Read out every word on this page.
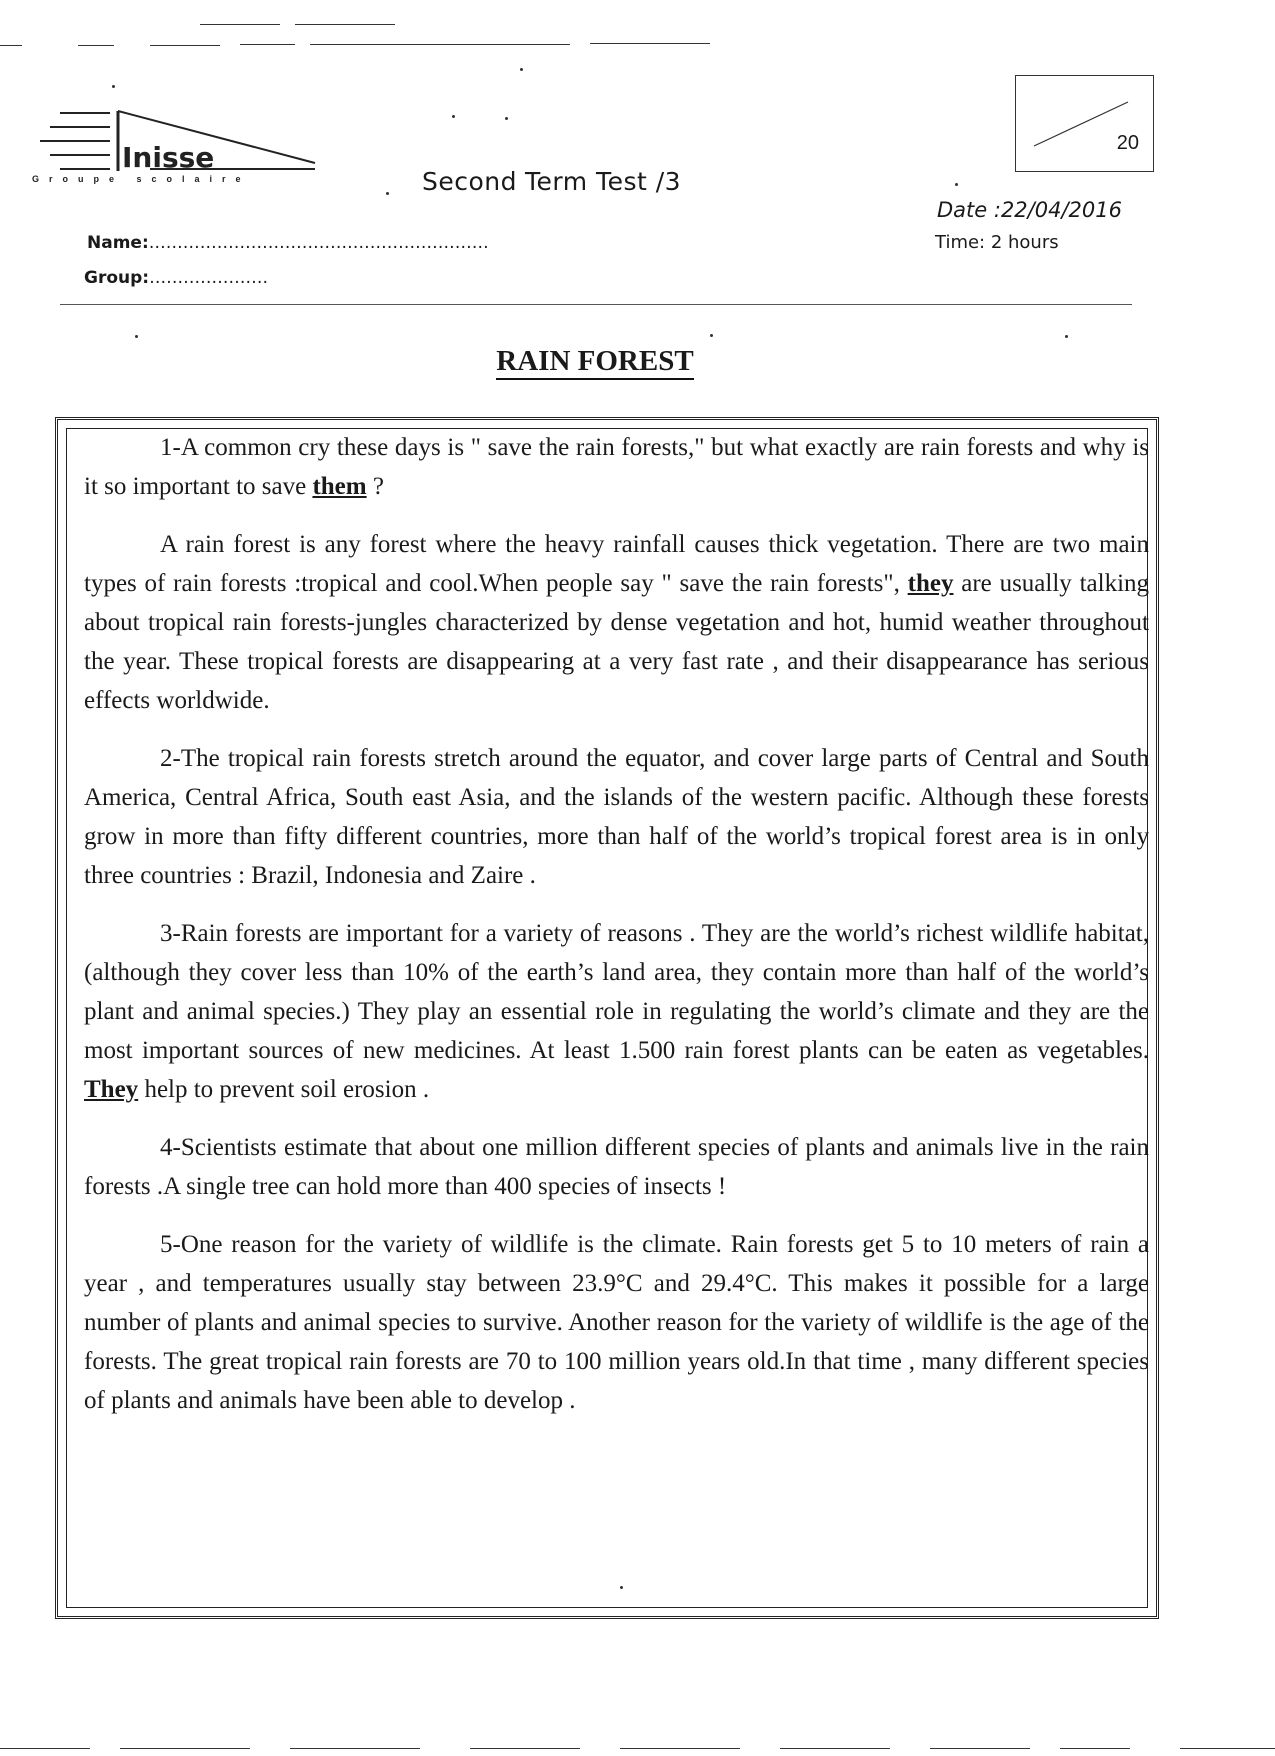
Inisse
Groupe scolaire	Second Term Test /3
20
Date :22/04/2016
Time: 2 hours
Name:……………………………………………………
Group:…………………
RAIN FOREST

1-A common cry these days is " save the rain forests," but what exactly are rain forests and why is it so important to save them ?

A rain forest is any forest where the heavy rainfall causes thick vegetation. There are two main types of rain forests :tropical and cool.When people say " save the rain forests", they are usually talking about tropical rain forests-jungles characterized by dense vegetation and hot, humid weather throughout the year. These tropical forests are disappearing at a very fast rate , and their disappearance has serious effects worldwide.

2-The tropical rain forests stretch around the equator, and cover large parts of Central and South America, Central Africa, South east Asia, and the islands of the western pacific. Although these forests grow in more than fifty different countries, more than half of the world’s tropical forest area is in only three countries : Brazil, Indonesia and Zaire .

3-Rain forests are important for a variety of reasons . They are the world’s richest wildlife habitat, (although they cover less than 10% of the earth’s land area, they contain more than half of the world’s plant and animal species.) They play an essential role in regulating the world’s climate and they are the most important sources of new medicines. At least 1.500 rain forest plants can be eaten as vegetables. They help to prevent soil erosion .

4-Scientists estimate that about one million different species of plants and animals live in the rain forests .A single tree can hold more than 400 species of insects !

5-One reason for the variety of wildlife is the climate. Rain forests get 5 to 10 meters of rain a year , and temperatures usually stay between 23.9°C and 29.4°C. This makes it possible for a large number of plants and animal species to survive. Another reason for the variety of wildlife is the age of the forests. The great tropical rain forests are 70 to 100 million years old.In that time , many different species of plants and animals have been able to develop .
